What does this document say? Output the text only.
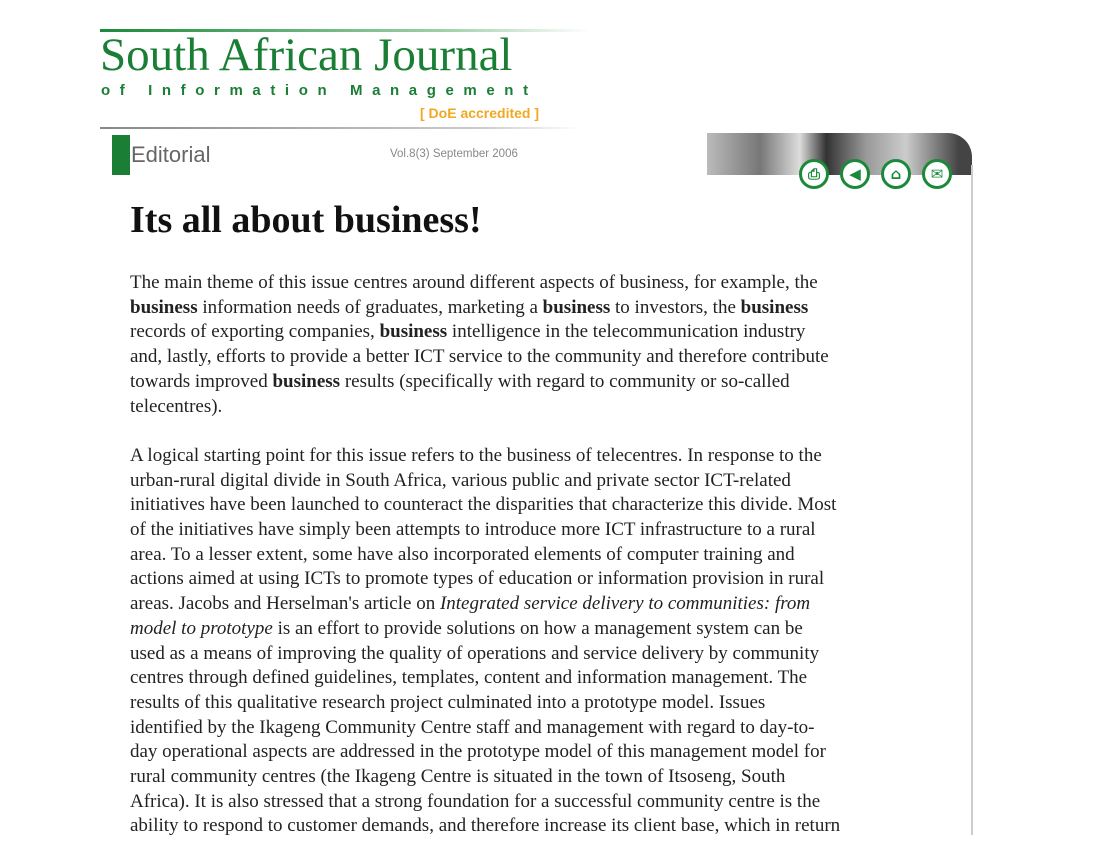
South African Journal
of Information Management
[ DoE accredited ]
Editorial	Vol.8(3) September 2006
⎙	◀	⌂	✉
Its all about business!
The main theme of this issue centres around different aspects of business, for example, the
business information needs of graduates, marketing a business to investors, the business
records of exporting companies, business intelligence in the telecommunication industry
and, lastly, efforts to provide a better ICT service to the community and therefore contribute
towards improved business results (specifically with regard to community or so-called
telecentres).
A logical starting point for this issue refers to the business of telecentres. In response to the
urban-rural digital divide in South Africa, various public and private sector ICT-related
initiatives have been launched to counteract the disparities that characterize this divide. Most
of the initiatives have simply been attempts to introduce more ICT infrastructure to a rural
area. To a lesser extent, some have also incorporated elements of computer training and
actions aimed at using ICTs to promote types of education or information provision in rural
areas. Jacobs and Herselman's article on Integrated service delivery to communities: from
model to prototype is an effort to provide solutions on how a management system can be
used as a means of improving the quality of operations and service delivery by community
centres through defined guidelines, templates, content and information management. The
results of this qualitative research project culminated into a prototype model. Issues
identified by the Ikageng Community Centre staff and management with regard to day-to-
day operational aspects are addressed in the prototype model of this management model for
rural community centres (the Ikageng Centre is situated in the town of Itsoseng, South
Africa). It is also stressed that a strong foundation for a successful community centre is the
ability to respond to customer demands, and therefore increase its client base, which in return
